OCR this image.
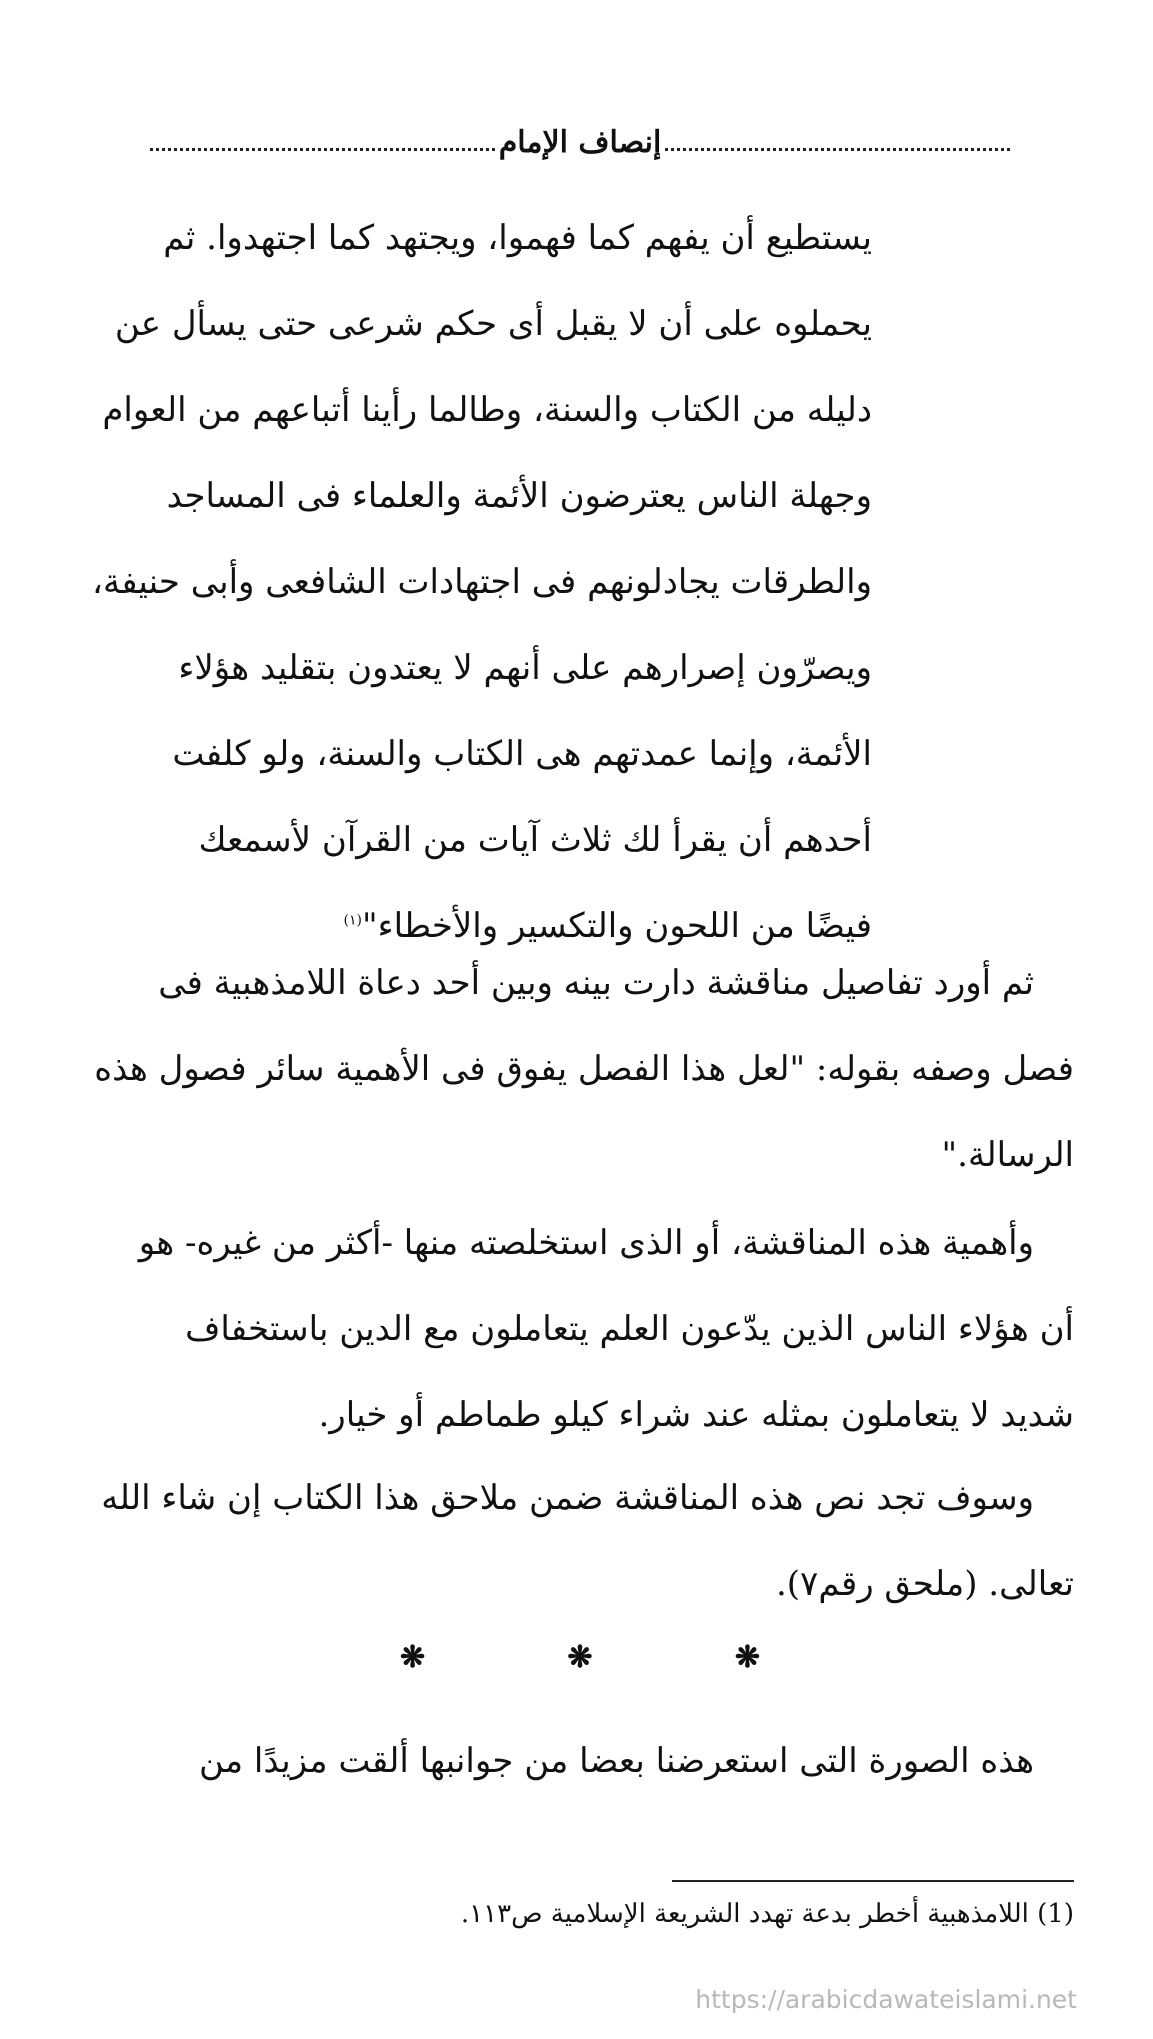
إنصاف الإمام
يستطيع أن يفهم كما فهموا، ويجتهد كما اجتهدوا. ثم
يحملوه على أن لا يقبل أى حكم شرعى حتى يسأل عن
دليله من الكتاب والسنة، وطالما رأينا أتباعهم من العوام
وجهلة الناس يعترضون الأئمة والعلماء فى المساجد
والطرقات يجادلونهم فى اجتهادات الشافعى وأبى حنيفة،
ويصرّون إصرارهم على أنهم لا يعتدون بتقليد هؤلاء
الأئمة، وإنما عمدتهم هى الكتاب والسنة، ولو كلفت
أحدهم أن يقرأ لك ثلاث آيات من القرآن لأسمعك
فيضًا من اللحون والتكسير والأخطاء"$^{(١)}$
ثم أورد تفاصيل مناقشة دارت بينه وبين أحد دعاة اللامذهبية فى
فصل وصفه بقوله: "لعل هذا الفصل يفوق فى الأهمية سائر فصول هذه
الرسالة."
وأهمية هذه المناقشة، أو الذى استخلصته منها -أكثر من غيره- هو
أن هؤلاء الناس الذين يدّعون العلم يتعاملون مع الدين باستخفاف
شديد لا يتعاملون بمثله عند شراء كيلو طماطم أو خيار.
وسوف تجد نص هذه المناقشة ضمن ملاحق هذا الكتاب إن شاء الله
تعالى. (ملحق رقم٧).
❋	❋	❋
هذه الصورة التى استعرضنا بعضا من جوانبها ألقت مزيدًا من
(1) اللامذهبية أخطر بدعة تهدد الشريعة الإسلامية ص١١٣.
https://arabicdawateislami.net
